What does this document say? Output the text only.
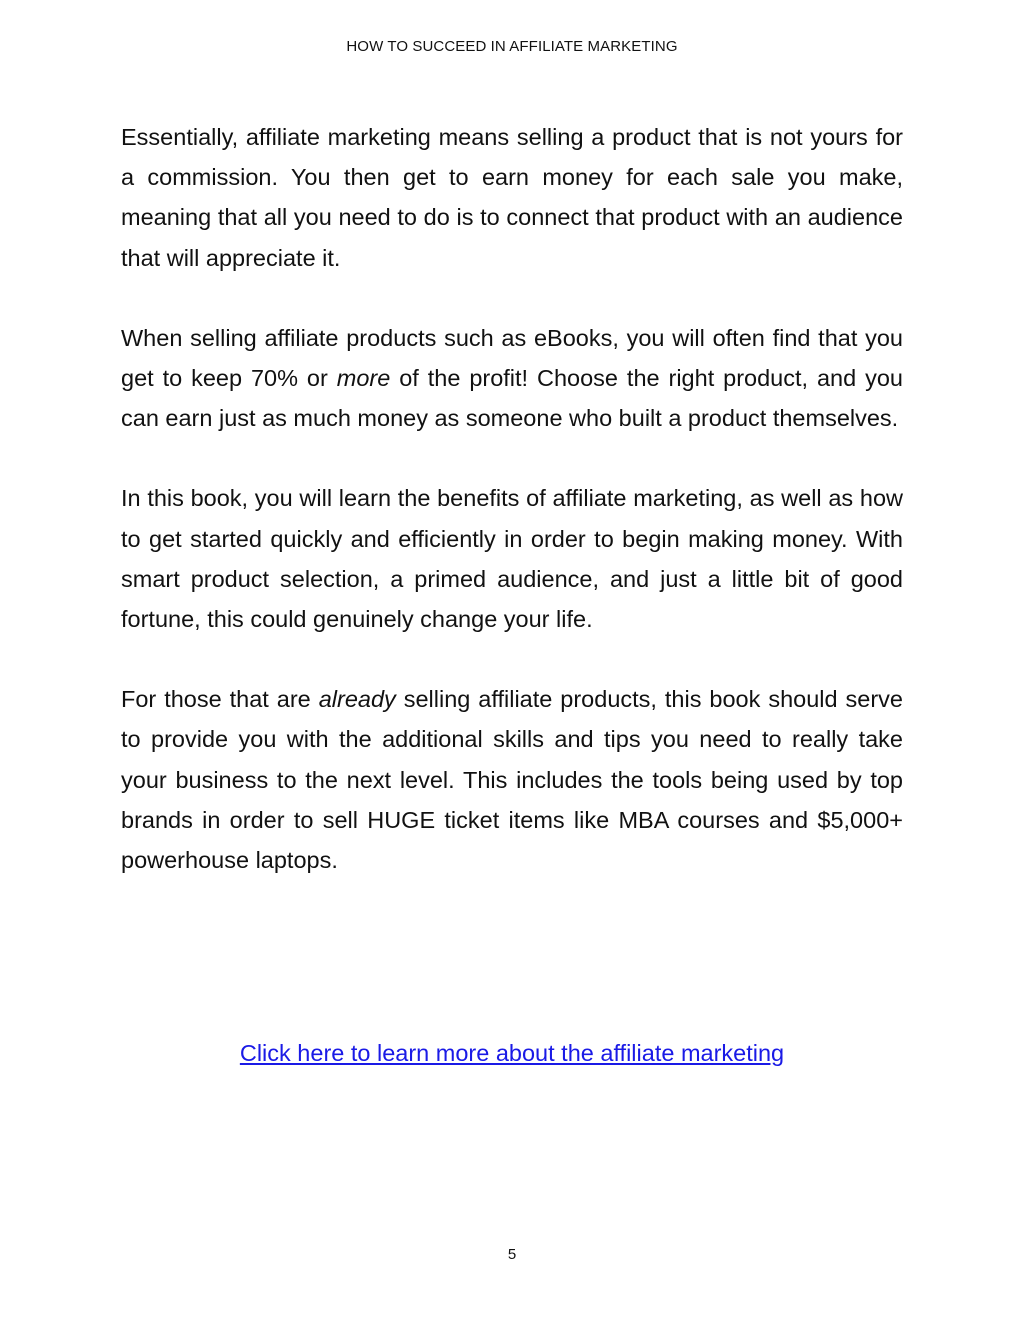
HOW TO SUCCEED IN AFFILIATE MARKETING

Essentially, affiliate marketing means selling a product that is not yours for a commission. You then get to earn money for each sale you make, meaning that all you need to do is to connect that product with an audience that will appreciate it.

When selling affiliate products such as eBooks, you will often find that you get to keep 70% or more of the profit! Choose the right product, and you can earn just as much money as someone who built a product themselves.

In this book, you will learn the benefits of affiliate marketing, as well as how to get started quickly and efficiently in order to begin making money. With smart product selection, a primed audience, and just a little bit of good fortune, this could genuinely change your life.

For those that are already selling affiliate products, this book should serve to provide you with the additional skills and tips you need to really take your business to the next level. This includes the tools being used by top brands in order to sell HUGE ticket items like MBA courses and $5,000+ powerhouse laptops.

Click here to learn more about the affiliate marketing
5
